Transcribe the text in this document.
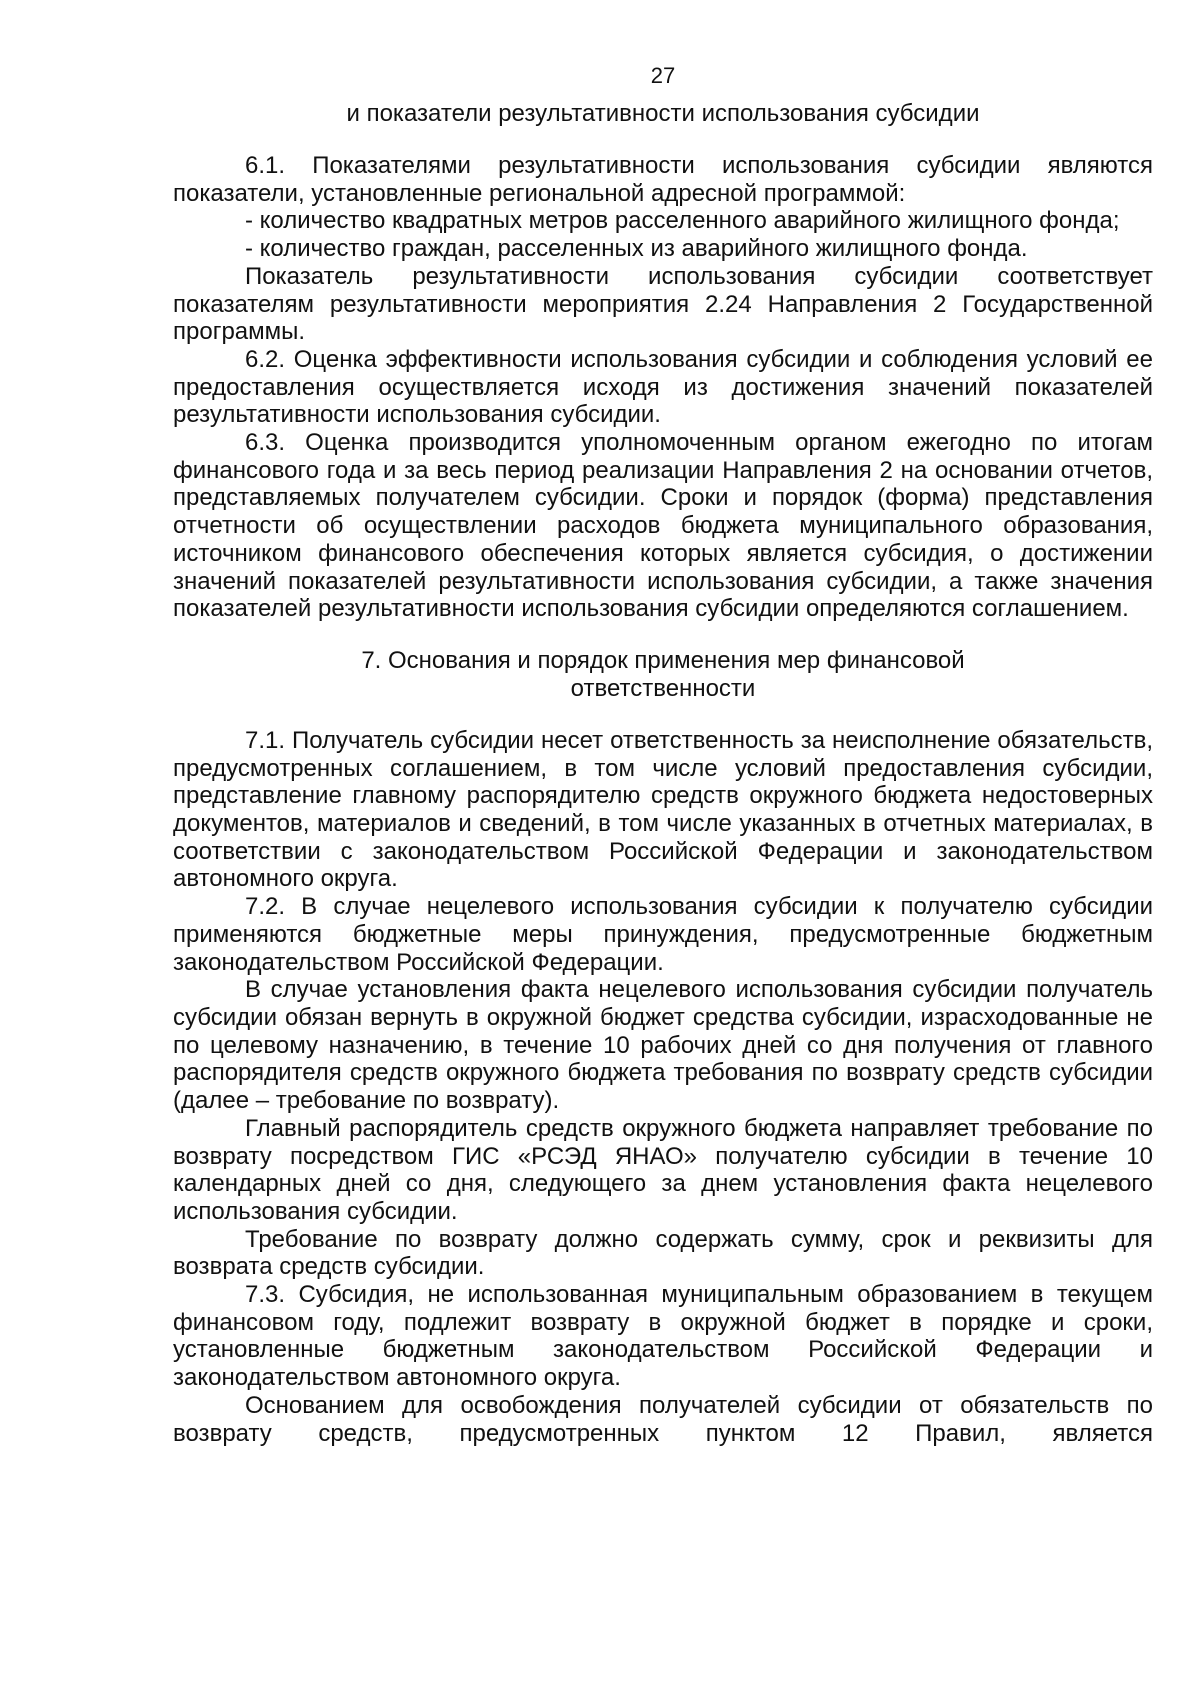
27
и показатели результативности использования субсидии

6.1. Показателями результативности использования субсидии являются показатели, установленные региональной адресной программой:

- количество квадратных метров расселенного аварийного жилищного фонда;

- количество граждан, расселенных из аварийного жилищного фонда.

Показатель результативности использования субсидии соответствует показателям результативности мероприятия 2.24 Направления 2 Государственной программы.

6.2. Оценка эффективности использования субсидии и соблюдения условий ее предоставления осуществляется исходя из достижения значений показателей результативности использования субсидии.

6.3. Оценка производится уполномоченным органом ежегодно по итогам финансового года и за весь период реализации Направления 2 на основании отчетов, представляемых получателем субсидии. Сроки и порядок (форма) представления отчетности об осуществлении расходов бюджета муниципального образования, источником финансового обеспечения которых является субсидия, о достижении значений показателей результативности использования субсидии, а также значения показателей результативности использования субсидии определяются соглашением.

7. Основания и порядок применения мер финансовой
ответственности

7.1. Получатель субсидии несет ответственность за неисполнение обязательств, предусмотренных соглашением, в том числе условий предоставления субсидии, представление главному распорядителю средств окружного бюджета недостоверных документов, материалов и сведений, в том числе указанных в отчетных материалах, в соответствии с законодательством Российской Федерации и законодательством автономного округа.

7.2. В случае нецелевого использования субсидии к получателю субсидии применяются бюджетные меры принуждения, предусмотренные бюджетным законодательством Российской Федерации.

В случае установления факта нецелевого использования субсидии получатель субсидии обязан вернуть в окружной бюджет средства субсидии, израсходованные не по целевому назначению, в течение 10 рабочих дней со дня получения от главного распорядителя средств окружного бюджета требования по возврату средств субсидии (далее – требование по возврату).

Главный распорядитель средств окружного бюджета направляет требование по возврату посредством ГИС «РСЭД ЯНАО» получателю субсидии в течение 10 календарных дней со дня, следующего за днем установления факта нецелевого использования субсидии.

Требование по возврату должно содержать сумму, срок и реквизиты для возврата средств субсидии.

7.3. Субсидия, не использованная муниципальным образованием в текущем финансовом году, подлежит возврату в окружной бюджет в порядке и сроки, установленные бюджетным законодательством Российской Федерации и законодательством автономного округа.

Основанием для освобождения получателей субсидии от обязательств по возврату средств, предусмотренных пунктом 12 Правил, является
